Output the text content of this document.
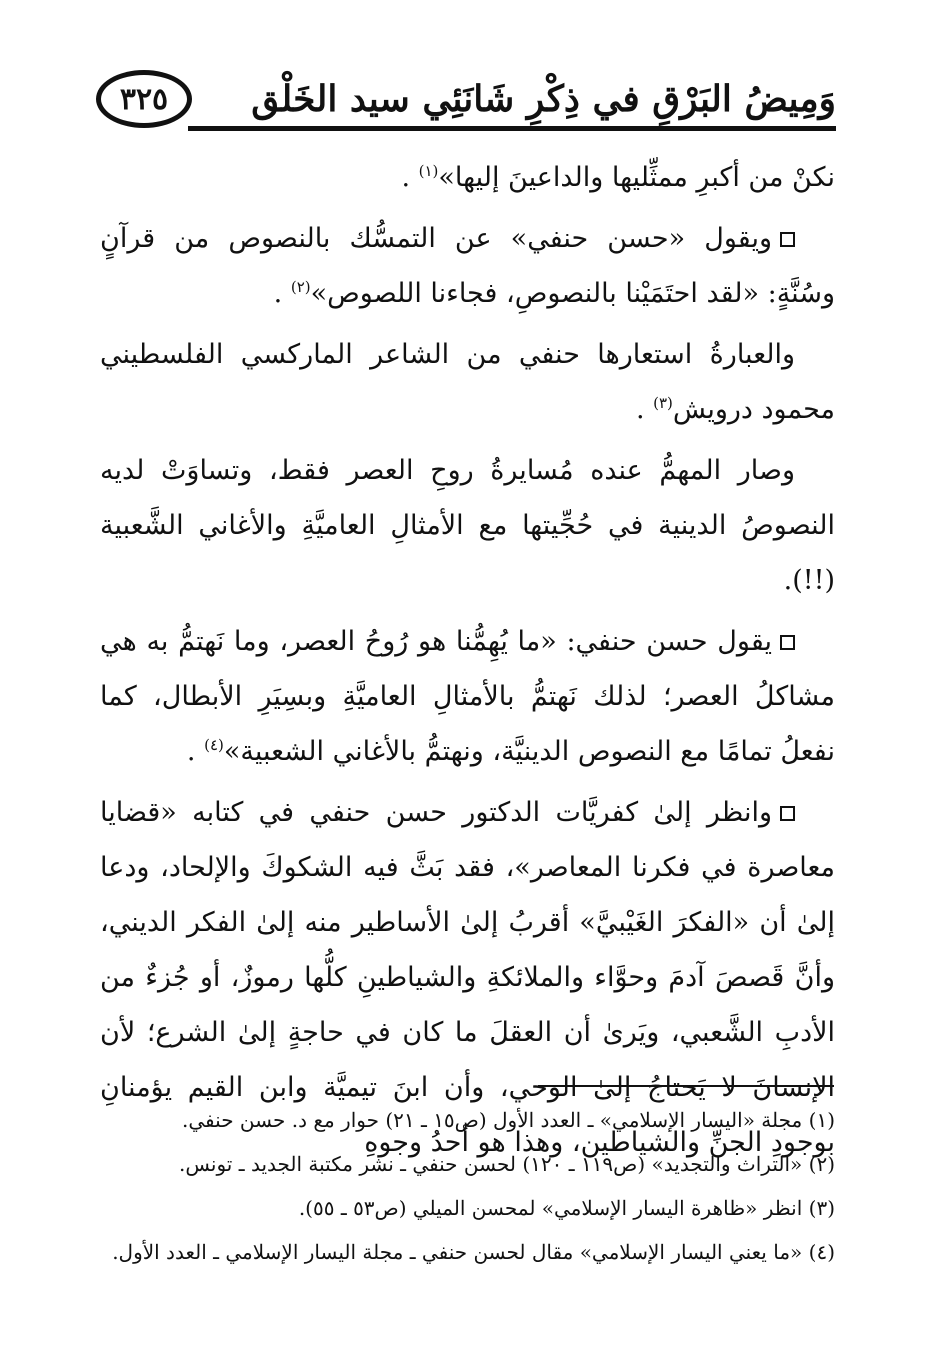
وَمِيضُ البَرْقِ في ذِكْرِ شَانَئِي سيد الخَلْق
٣٢٥

نكنْ من أكبرِ ممثِّليها والداعينَ إليها»$^{(١)}$ .

ويقول «حسن حنفي» عن التمسُّك بالنصوص من قرآنٍ وسُنَّةٍ: «لقد احتَمَيْنا بالنصوصِ، فجاءنا اللصوص»$^{(٢)}$ .

والعبارةُ استعارها حنفي من الشاعر الماركسي الفلسطيني محمود درويش$^{(٣)}$ .

وصار المهمُّ عنده مُسايرةُ روحِ العصر فقط، وتساوَتْ لديه النصوصُ الدينية في حُجِّيتها مع الأمثالِ العاميَّةِ والأغاني الشَّعبية (!!).

يقول حسن حنفي: «ما يُهِمُّنا هو رُوحُ العصر، وما نَهتمُّ به هي مشاكلُ العصر؛ لذلك نَهتمُّ بالأمثالِ العاميَّةِ وبسِيَرِ الأبطال، كما نفعلُ تمامًا مع النصوص الدينيَّة، ونهتمُّ بالأغاني الشعبية»$^{(٤)}$ .

وانظر إلىٰ كفريَّات الدكتور حسن حنفي في كتابه «قضايا معاصرة في فكرنا المعاصر»، فقد بَثَّ فيه الشكوكَ والإلحاد، ودعا إلىٰ أن «الفكرَ الغَيْبيَّ» أقربُ إلىٰ الأساطير منه إلىٰ الفكر الديني، وأنَّ قَصصَ آدمَ وحوَّاء والملائكةِ والشياطينِ كلُّها رموزٌ، أو جُزءٌ من الأدبِ الشَّعبي، ويَرىٰ أن العقلَ ما كان في حاجةٍ إلىٰ الشرع؛ لأن الإنسانَ لا يَحتاجُ إلىٰ الوحي، وأن ابنَ تيميَّة وابن القيم يؤمنانِ بوجودِ الجنِّ والشياطين، وهذا هو أحدُ وجوهِ

(١) مجلة «اليسار الإسلامي» ـ العدد الأول (ص١٥ ـ ٢١) حوار مع د. حسن حنفي.

(٢) «التراث والتجديد» (ص١١٩ ـ ١٢٠) لحسن حنفي ـ نشر مكتبة الجديد ـ تونس.

(٣) انظر «ظاهرة اليسار الإسلامي» لمحسن الميلي (ص٥٣ ـ ٥٥).

(٤) «ما يعني اليسار الإسلامي» مقال لحسن حنفي ـ مجلة اليسار الإسلامي ـ العدد الأول.
